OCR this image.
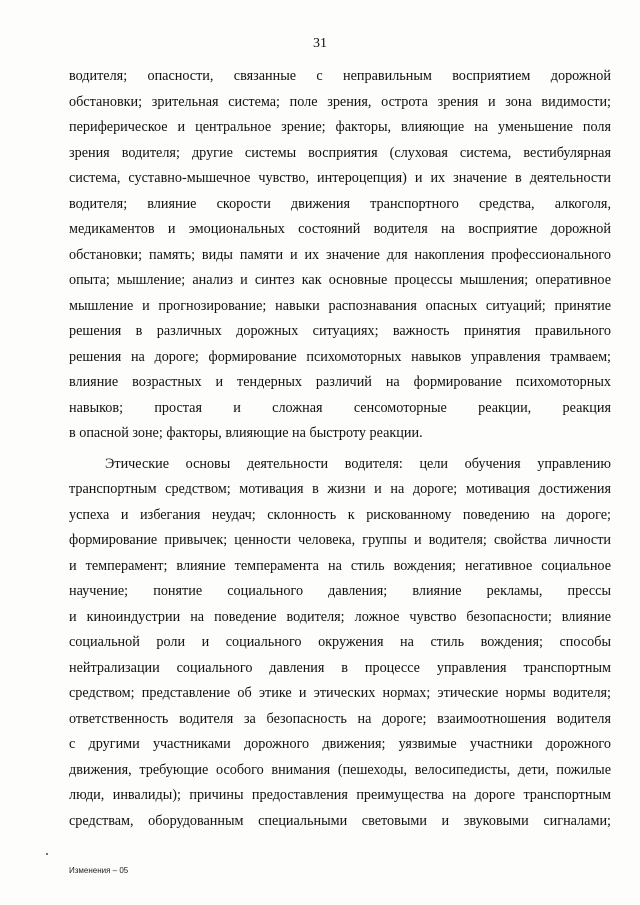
31
водителя; опасности, связанные с неправильным восприятием дорожной
обстановки; зрительная система; поле зрения, острота зрения и зона видимости;
периферическое и центральное зрение; факторы, влияющие на уменьшение поля
зрения водителя; другие системы восприятия (слуховая система, вестибулярная
система, суставно-мышечное чувство, интероцепция) и их значение в деятельности
водителя; влияние скорости движения транспортного средства, алкоголя,
медикаментов и эмоциональных состояний водителя на восприятие дорожной
обстановки; память; виды памяти и их значение для накопления профессионального
опыта; мышление; анализ и синтез как основные процессы мышления; оперативное
мышление и прогнозирование; навыки распознавания опасных ситуаций; принятие
решения в различных дорожных ситуациях; важность принятия правильного
решения на дороге; формирование психомоторных навыков управления трамваем;
влияние возрастных и тендерных различий на формирование психомоторных
навыков; простая и сложная сенсомоторные реакции, реакция
в опасной зоне; факторы, влияющие на быстроту реакции.
Этические основы деятельности водителя: цели обучения управлению
транспортным средством; мотивация в жизни и на дороге; мотивация достижения
успеха и избегания неудач; склонность к рискованному поведению на дороге;
формирование привычек; ценности человека, группы и водителя; свойства личности
и темперамент; влияние темперамента на стиль вождения; негативное социальное
научение; понятие социального давления; влияние рекламы, прессы
и киноиндустрии на поведение водителя; ложное чувство безопасности; влияние
социальной роли и социального окружения на стиль вождения; способы
нейтрализации социального давления в процессе управления транспортным
средством; представление об этике и этических нормах; этические нормы водителя;
ответственность водителя за безопасность на дороге; взаимоотношения водителя
с другими участниками дорожного движения; уязвимые участники дорожного
движения, требующие особого внимания (пешеходы, велосипедисты, дети, пожилые
люди, инвалиды); причины предоставления преимущества на дороге транспортным
средствам, оборудованным специальными световыми и звуковыми сигналами;
Изменения – 05
